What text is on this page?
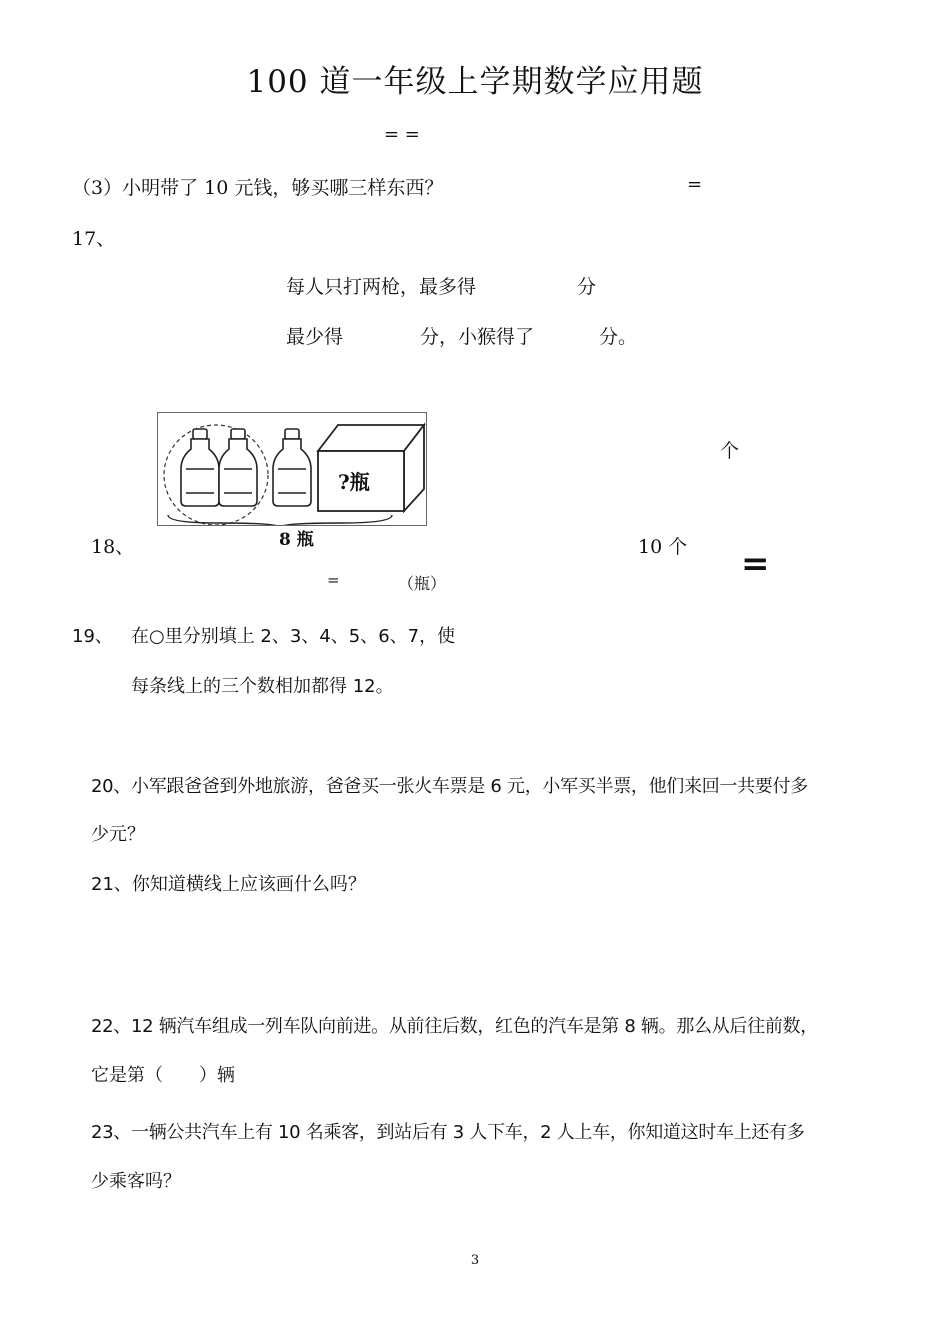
100 道一年级上学期数学应用题
= =
（3）小明带了 10 元钱，够买哪三样东西？	=
17、
每人只打两枪，最多得	分
最少得	分，小猴得了	分。
?瓶
8 瓶
18、
个
10 个 =
=	（瓶）
19、 在○里分别填上 2、3、4、5、6、7，使
每条线上的三个数相加都得 12。
20、小军跟爸爸到外地旅游，爸爸买一张火车票是 6 元，小军买半票，他们来回一共要付多
少元？
21、你知道横线上应该画什么吗？
22、12 辆汽车组成一列车队向前进。从前往后数，红色的汽车是第 8 辆。那么从后往前数，
它是第（　　）辆
23、一辆公共汽车上有 10 名乘客，到站后有 3 人下车，2 人上车，你知道这时车上还有多
少乘客吗？
3
